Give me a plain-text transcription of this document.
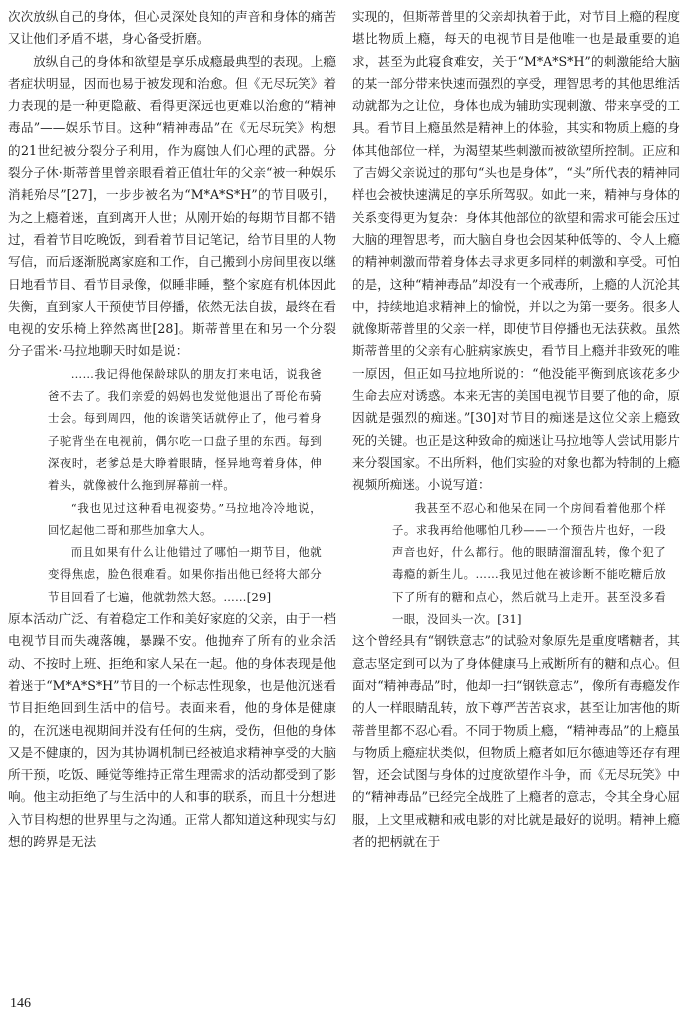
次次放纵自己的身体，但心灵深处良知的声音和身体的痛苦又让他们矛盾不堪，身心备受折磨。

放纵自己的身体和欲望是享乐成瘾最典型的表现。上瘾者症状明显，因而也易于被发现和治愈。但《无尽玩笑》着力表现的是一种更隐蔽、看得更深远也更难以治愈的“精神毒品”——娱乐节目。这种“精神毒品”在《无尽玩笑》构想的21世纪被分裂分子利用，作为腐蚀人们心理的武器。分裂分子休·斯蒂普里曾亲眼看着正值壮年的父亲“被一种娱乐消耗殆尽”[27]，一步步被名为“M*A*S*H”的节目吸引，为之上瘾着迷，直到离开人世；从刚开始的每期节目都不错过，看着节目吃晚饭，到看着节目记笔记，给节目里的人物写信，而后逐渐脱离家庭和工作，自己搬到小房间里夜以继日地看节目、看节目录像，似睡非睡，整个家庭有机体因此失衡，直到家人干预使节目停播，依然无法自拔，最终在看电视的安乐椅上猝然离世[28]。斯蒂普里在和另一个分裂分子雷米·马拉地聊天时如是说：

……我记得他保龄球队的朋友打来电话，说我爸爸不去了。我们亲爱的妈妈也发觉他退出了哥伦布骑士会。每到周四，他的诶谐笑话就停止了，他弓着身子驼背坐在电视前，偶尔吃一口盘子里的东西。每到深夜时，老爹总是大睁着眼睛，怪异地弯着身体，伸着头，就像被什么拖到屏幕前一样。

“我也见过这种看电视姿势。”马拉地冷冷地说，回忆起他二哥和那些加拿大人。

而且如果有什么让他错过了哪怕一期节目，他就变得焦虑，脸色很难看。如果你指出他已经将大部分节目回看了七遍，他就勃然大怒。……[29]

原本活动广泛、有着稳定工作和美好家庭的父亲，由于一档电视节目而失魂落魄，暴躁不安。他抛弃了所有的业余活动、不按时上班、拒绝和家人呆在一起。他的身体表现是他着迷于“M*A*S*H”节目的一个标志性现象，也是他沉迷看节目拒绝回到生活中的信号。表面来看，他的身体是健康的，在沉迷电视期间并没有任何的生病，受伤，但他的身体又是不健康的，因为其协调机制已经被追求精神享受的大脑所干预，吃饭、睡觉等维持正常生理需求的活动都受到了影响。他主动拒绝了与生活中的人和事的联系，而且十分想进入节目构想的世界里与之沟通。正常人都知道这种现实与幻想的跨界是无法

实现的，但斯蒂普里的父亲却执着于此，对节目上瘾的程度堪比物质上瘾，每天的电视节目是他唯一也是最重要的追求，甚至为此寝食难安，关于“M*A*S*H”的刺激能给大脑的某一部分带来快速而强烈的享受，理智思考的其他思维活动就都为之让位，身体也成为辅助实现刺激、带来享受的工具。看节目上瘾虽然是精神上的体验，其实和物质上瘾的身体其他部位一样，为渴望某些刺激而被欲望所控制。正应和了吉姆父亲说过的那句“头也是身体”，“头”所代表的精神同样也会被快速满足的享乐所驾驭。如此一来，精神与身体的关系变得更为复杂：身体其他部位的欲望和需求可能会压过大脑的理智思考，而大脑自身也会因某种低等的、令人上瘾的精神刺激而带着身体去寻求更多同样的刺激和享受。可怕的是，这种“精神毒品”却没有一个戒毒所，上瘾的人沉沦其中，持续地追求精神上的愉悦，并以之为第一要务。很多人就像斯蒂普里的父亲一样，即使节目停播也无法获救。虽然斯蒂普里的父亲有心脏病家族史，看节目上瘾并非致死的唯一原因，但正如马拉地所说的：“他没能平衡到底该花多少生命去应对诱惑。本来无害的美国电视节目要了他的命，原因就是强烈的痴迷。”[30]对节目的痴迷是这位父亲上瘾致死的关键。也正是这种致命的痴迷让马拉地等人尝试用影片来分裂国家。不出所料，他们实验的对象也都为特制的上瘾视频所痴迷。小说写道：

我甚至不忍心和他呆在同一个房间看着他那个样子。求我再给他哪怕几秒——一个预告片也好，一段声音也好，什么都行。他的眼睛溜溜乱转，像个犯了毒瘾的新生儿。……我见过他在被诊断不能吃糖后放下了所有的糖和点心，然后就马上走开。甚至没多看一眼，没回头一次。[31]

这个曾经具有“钢铁意志”的试验对象原先是重度嗜糖者，其意志坚定到可以为了身体健康马上戒断所有的糖和点心。但面对“精神毒品”时，他却一扫“钢铁意志”，像所有毒瘾发作的人一样眼睛乱转，放下尊严苦苦哀求，甚至让加害他的斯蒂普里都不忍心看。不同于物质上瘾，“精神毒品”的上瘾虽与物质上瘾症状类似，但物质上瘾者如厄尔德迪等还存有理智，还会试图与身体的过度欲望作斗争，而《无尽玩笑》中的“精神毒品”已经完全战胜了上瘾者的意志，令其全身心屈服，上文里戒糖和戒电影的对比就是最好的说明。精神上瘾者的把柄就在于

146
